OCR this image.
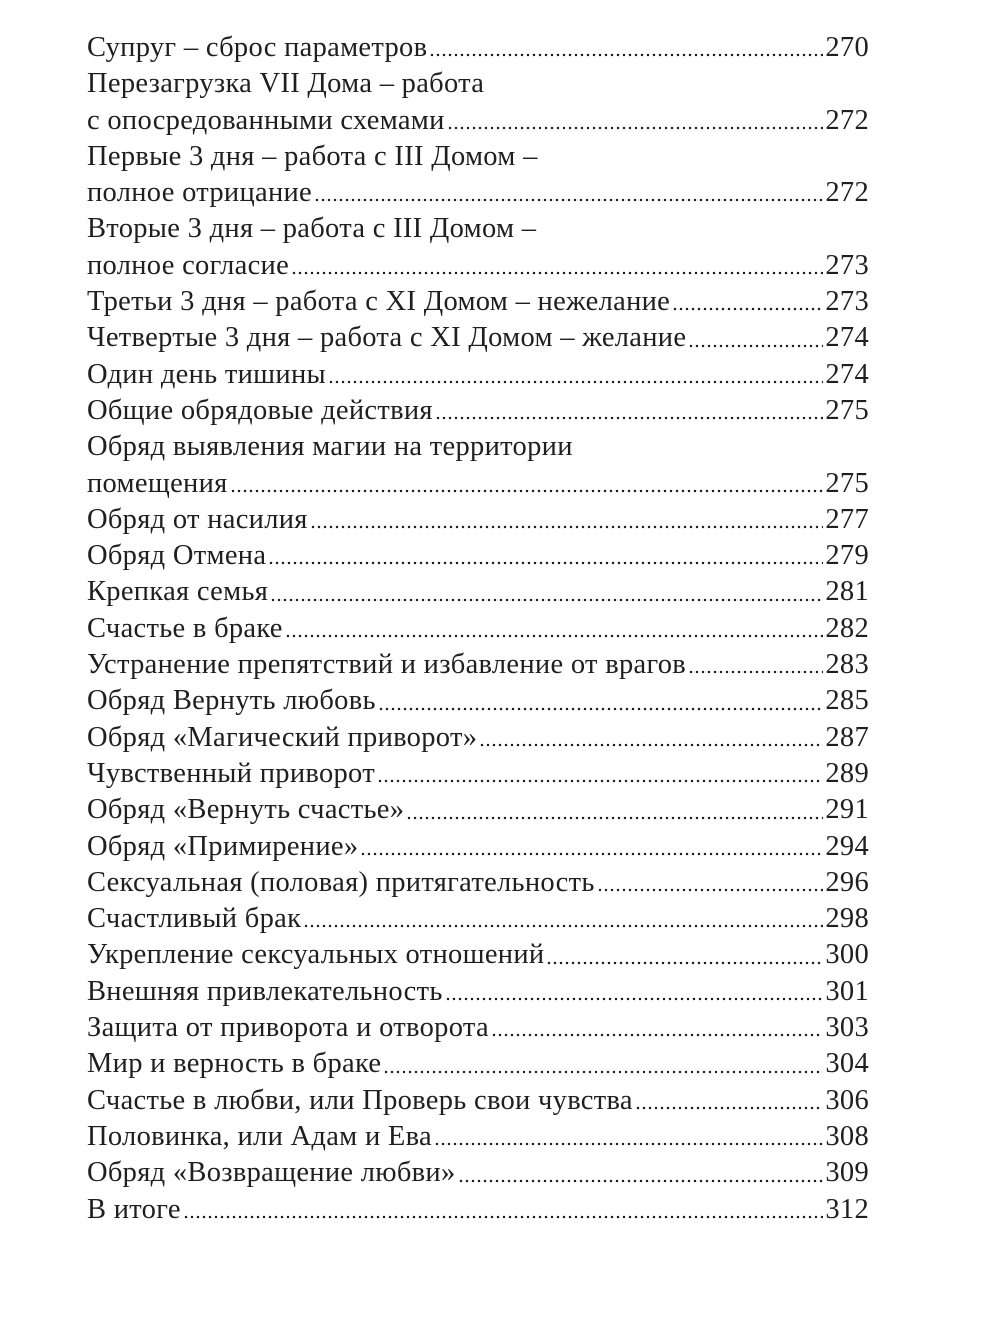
Супруг – сброс параметров	270
Перезагрузка VII Дома – работа
с опосредованными схемами	272
Первые 3 дня – работа с III Домом –
полное отрицание	272
Вторые 3 дня – работа с III Домом –
полное согласие	273
Третьи 3 дня – работа с XI Домом – нежелание	273
Четвертые 3 дня – работа с XI Домом – желание	274
Один день тишины	274
Общие обрядовые действия	275
Обряд выявления магии на территории
помещения	275
Обряд от насилия	277
Обряд Отмена	279
Крепкая семья	281
Счастье в браке	282
Устранение препятствий и избавление от врагов	283
Обряд Вернуть любовь	285
Обряд «Магический приворот»	287
Чувственный приворот	289
Обряд «Вернуть счастье»	291
Обряд «Примирение»	294
Сексуальная (половая) притягательность	296
Счастливый брак	298
Укрепление сексуальных отношений	300
Внешняя привлекательность	301
Защита от приворота и отворота	303
Мир и верность в браке	304
Счастье в любви, или Проверь свои чувства	306
Половинка, или Адам и Ева	308
Обряд «Возвращение любви»	309
В итоге	312
